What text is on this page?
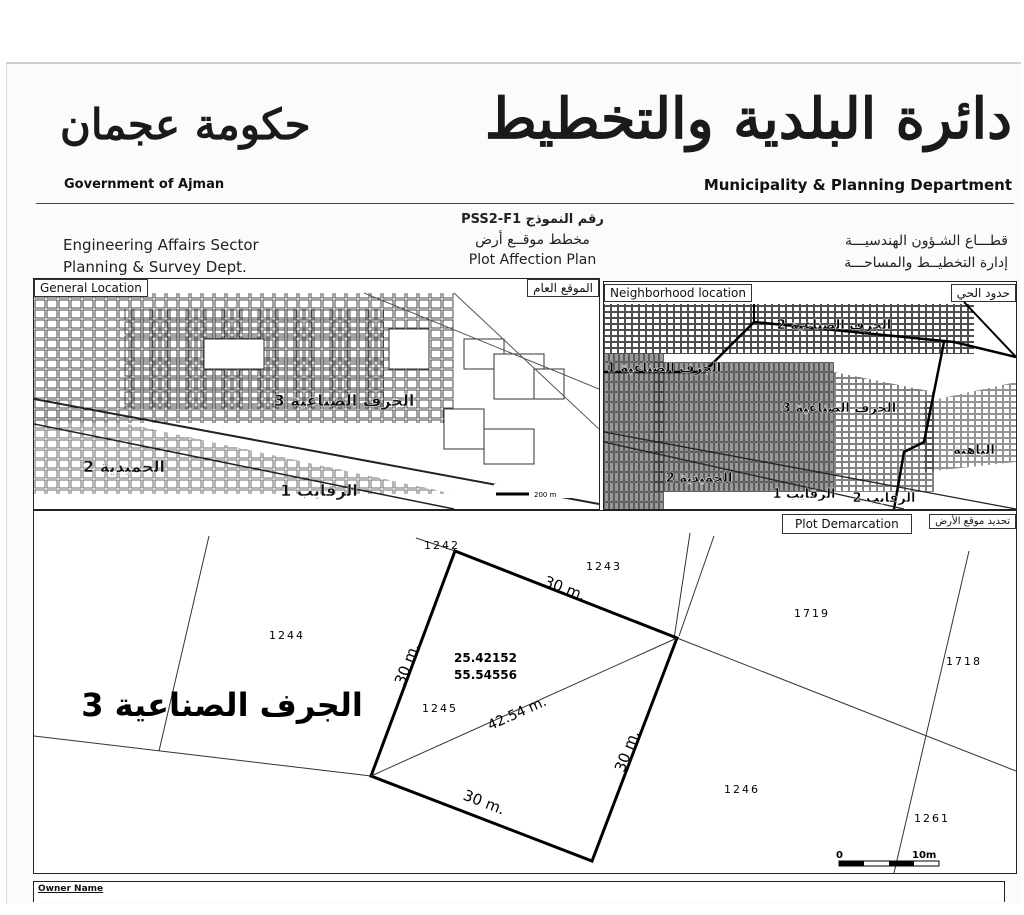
حكومة عجمان
Government of Ajman
دائرة البلدية والتخطيط
Municipality & Planning Department
Engineering Affairs Sector
Planning & Survey Dept.
PSS2-F1 رقم النموذج
مخطط موقــع أرض
Plot Affection Plan
قطـــاع الشـؤون الهندسيـــة
إدارة التخطيــط والمساحـــة
General Location	الموقع العام
200 m
الجرف الصناعية 3
الحميدية 2
الرقايب 1
Neighborhood location	حدود الحي
الجرف الصناعية 2
الجرف الصناعية 1
الجرف الصناعية 3
الياهية
الحميدية 2
الرقايب 1 الرقايب 2
Plot Demarcation	تحديد موقع الأرض
1242
1243
1244
1245
1246
1261
1718
1719
25.42152
55.54556
30 m.
30 m.
30 m.
30 m.
42.54 m.
الجرف الصناعية 3
0	10m
Owner Name
